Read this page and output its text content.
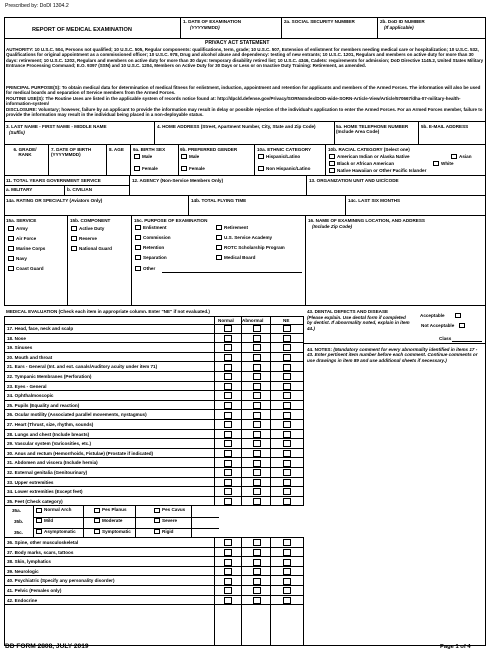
Prescribed by: DoDI 1304.2
REPORT OF MEDICAL EXAMINATION
1. DATE OF EXAMINATION
(YYYYMMDD)
2a. SOCIAL SECURITY NUMBER	2b. DoD ID NUMBER
(If applicable)
PRIVACY ACT STATEMENT
AUTHORITY: 10 U.S.C. 504, Persons not qualified; 10 U.S.C. 505, Regular components: qualifications, term, grade; 10 U.S.C. 507, Extension of enlistment for members needing medical care or hospitalization; 10 U.S.C. 532, Qualifications for original appointment as a commissioned officer; 10 U.S.C. 978, Drug and alcohol abuse and dependency: testing of new entrants; 10 U.S.C. 1201, Regulars and members on active duty for more than 30 days: retirement; 10 U.S.C. 1202, Regulars and members on active duty for more than 30 days: temporary disability retired list; 10 U.S.C. 4346, Cadets: requirements for admission; DoD Directive 1145.2, United States Military Entrance Processing Command; E.O. 9397 (SSN) and 10 U.S.C. 1204, Members on Active Duty for 30 Days or Less or on Inactive Duty Training: Retirement, as amended.
PRINCIPAL PURPOSE(S): To obtain medical data for determination of medical fitness for enlistment, induction, appointment and retention for applicants and members of the Armed Forces. The information will also be used for medical boards and separation of Service members from the Armed Forces.
ROUTINE USE(S): The Routine Uses are listed in the applicable system of records notice found at: http://dpcld.defense.gov/Privacy/SORNsIndex/DOD-wide-SORN-Article-View/Article/570667/dha-07-military-health-information-system/
DISCLOSURE: Voluntary; however, failure by an applicant to provide the information may result in delay or possible rejection of the individual's application to enter the Armed Forces. For an Armed Forces member, failure to provide the information may result in the individual being placed in a non-deployable status.
3. LAST NAME - FIRST NAME - MIDDLE NAME
(Suffix)
4. HOME ADDRESS (Street, Apartment Number, City, State and Zip Code)	5a. HOME TELEPHONE NUMBER (Include Area Code)
5b. E-MAIL ADDRESS
6. GRADE/ RANK
7. DATE OF BIRTH (YYYYMMDD)
8. AGE 9a. BIRTH SEX
Male
Female
9b. PREFERRED GENDER
Male
Female
10a. ETHNIC CATEGORY
Hispanic/Latino
Non Hispanic/Latino
10b. RACIAL CATEGORY (Select one)
American Indian or Alaska Native	Asian
Black or African American	White
Native Hawaiian or Other Pacific Islander
11. TOTAL YEARS GOVERNMENT SERVICE
a. MILITARY	b. CIVILIAN
12. AGENCY (Non-Service Members Only)	13. ORGANIZATION UNIT AND UIC/CODE
14a. RATING OR SPECIALTY (Aviators Only)	14b. TOTAL FLYING TIME	14c. LAST SIX MONTHS
15a. SERVICE	15b. COMPONENT	15c. PURPOSE OF EXAMINATION	16. NAME OF EXAMINING LOCATION, AND ADDRESS
(Include Zip Code)
Army
Air Force
Marine Corps
Navy
Coast Guard
Active Duty
Reserve
National Guard
Enlistment
Commission
Retention
Separation
Other
Retirement
U.S. Service Academy
ROTC Scholarship Program
Medical Board
MEDICAL EVALUATION (Check each item in appropriate column. Enter "NE" if not evaluated.)
Normal Abnormal	NE
17. Head, face, neck and scalp
18. Nose
19. Sinuses
20. Mouth and throat
21. Ears - General (Int. and ext. canals/Auditory acuity under item 71)
22. Tympanic Membranes (Perforation)
23. Eyes - General
24. Ophthalmoscopic
25. Pupils (Equality and reaction)
26. Ocular motility (Associated parallel movements, nystagmus)
27. Heart (Thrust, size, rhythm, sounds)
28. Lungs and chest (Include breasts)
29. Vascular system (Varicosities, etc.)
30. Anus and rectum (Hemorrhoids, Fistulae) (Prostate if indicated)
31. Abdomen and viscera (Include hernia)
32. External genitalia (Genitourinary)
33. Upper extremities
34. Lower extremities (Except feet)
35. Feet (Check category)
36. Spine, other musculoskeletal
37. Body marks, scars, tattoos
38. Skin, lymphatics
39. Neurologic
40. Psychiatric (Specify any personality disorder)
41. Pelvic (Females only)
42. Endocrine
35a.	Normal Arch	Pes Planus	Pes Cavus
35b.	Mild	Moderate	Severe
35c.	Asymptomatic	Symptomatic	Rigid
43. DENTAL DEFECTS AND DISEASE
(Please explain. Use dental form if completed by dentist. If abnormality noted, explain in item 44.)
Acceptable
Not Acceptable
Class
44. NOTES: (Mandatory comment for every abnormality identified in items 17 - 43. Enter pertinent item number before each comment. Continue comments or use drawings in item 89 and use additional sheets if necessary.)
DD FORM 2808, JULY 2019	Page 1 of 4
